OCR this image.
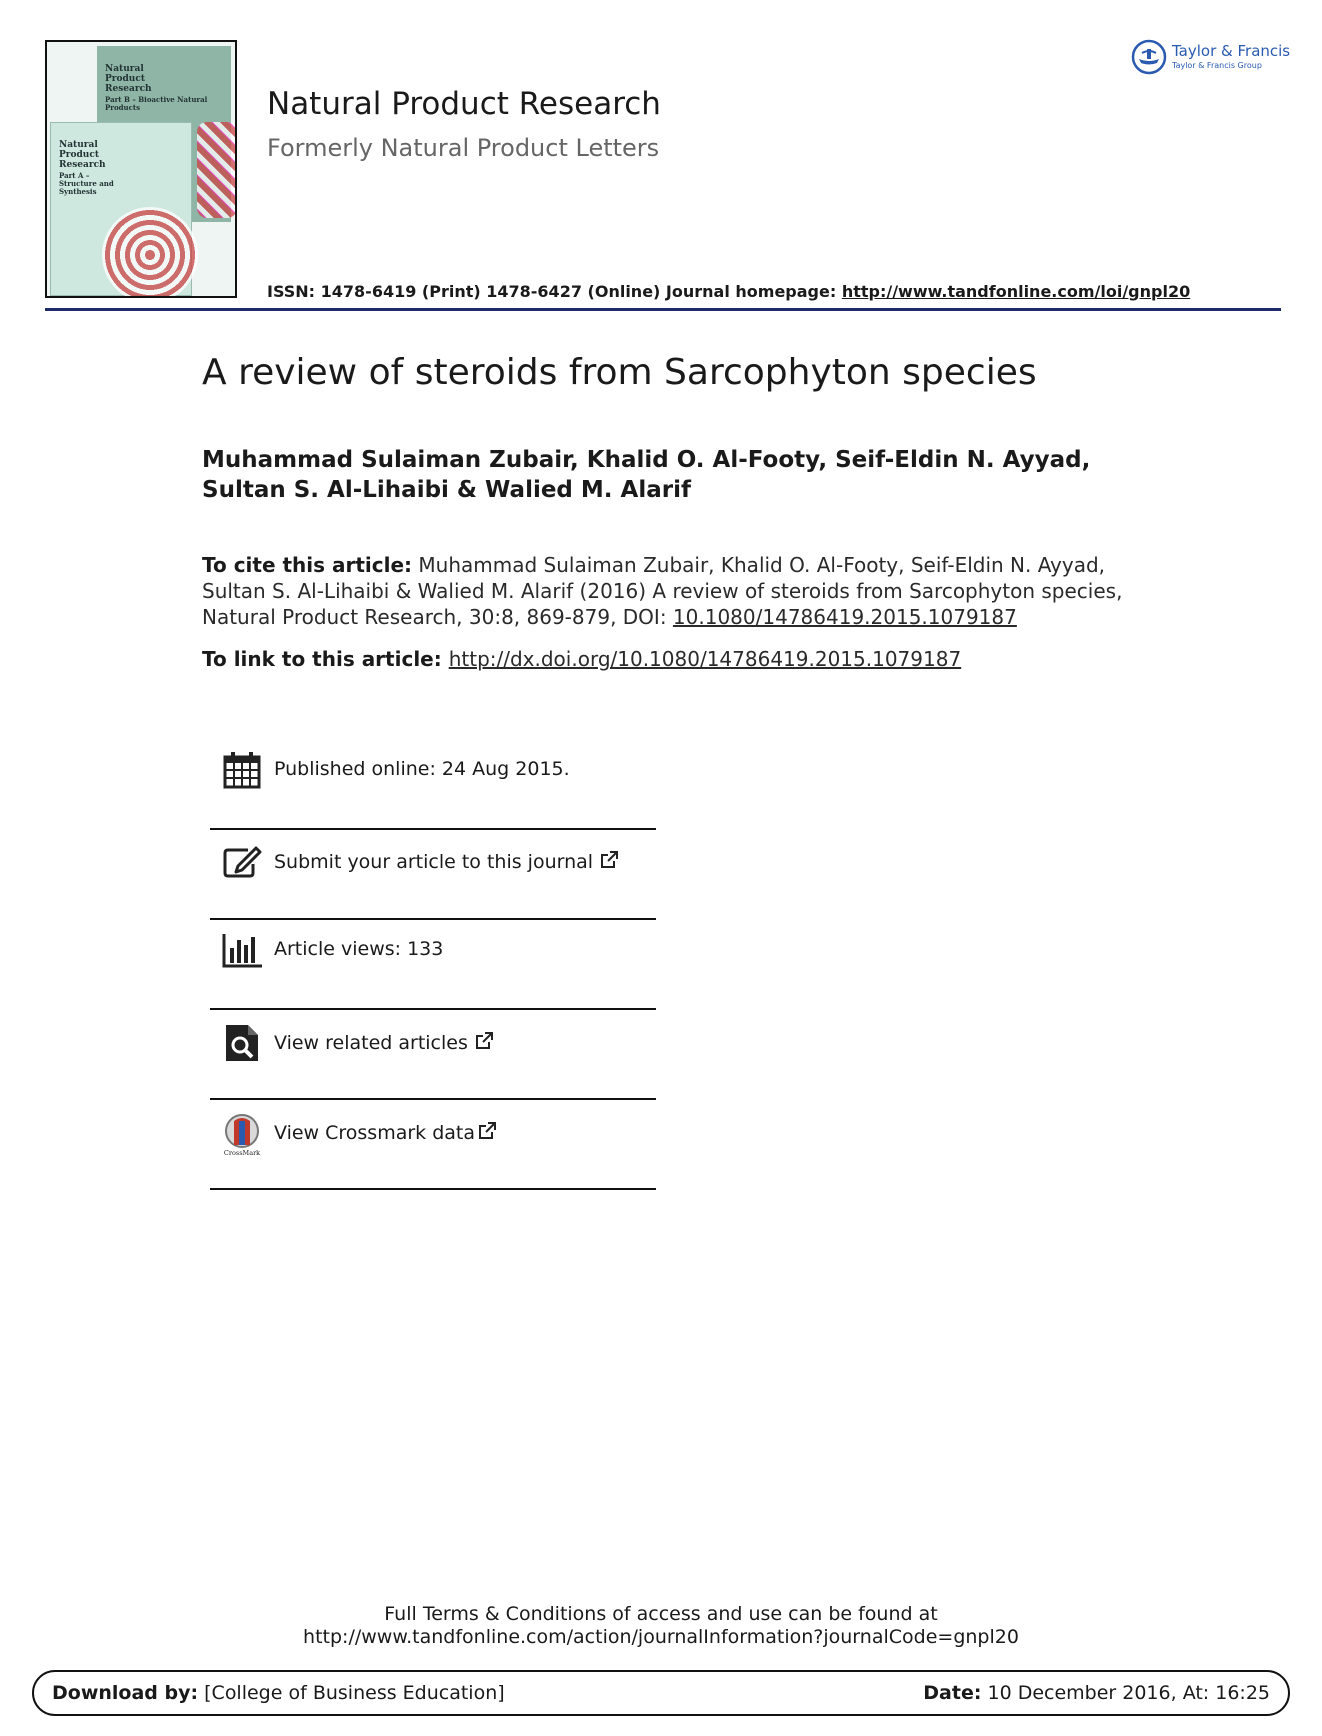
Natural Product Research
Part B – Bioactive Natural Products
Natural Product Research
Part A – Structure and Synthesis
Natural Product Research
Formerly Natural Product Letters
ISSN: 1478-6419 (Print) 1478-6427 (Online) Journal homepage: http://www.tandfonline.com/loi/gnpl20
Taylor & Francis
Taylor & Francis Group
A review of steroids from Sarcophyton species
Muhammad Sulaiman Zubair, Khalid O. Al-Footy, Seif-Eldin N. Ayyad, Sultan S. Al-Lihaibi & Walied M. Alarif
To cite this article: Muhammad Sulaiman Zubair, Khalid O. Al-Footy, Seif-Eldin N. Ayyad, Sultan S. Al-Lihaibi & Walied M. Alarif (2016) A review of steroids from Sarcophyton species, Natural Product Research, 30:8, 869-879, DOI: 10.1080/14786419.2015.1079187
To link to this article: http://dx.doi.org/10.1080/14786419.2015.1079187
Published online: 24 Aug 2015.
Submit your article to this journal
Article views: 133
View related articles
CrossMark
View Crossmark data
Full Terms & Conditions of access and use can be found at
http://www.tandfonline.com/action/journalInformation?journalCode=gnpl20
Download by: [College of Business Education]	Date: 10 December 2016, At: 16:25
